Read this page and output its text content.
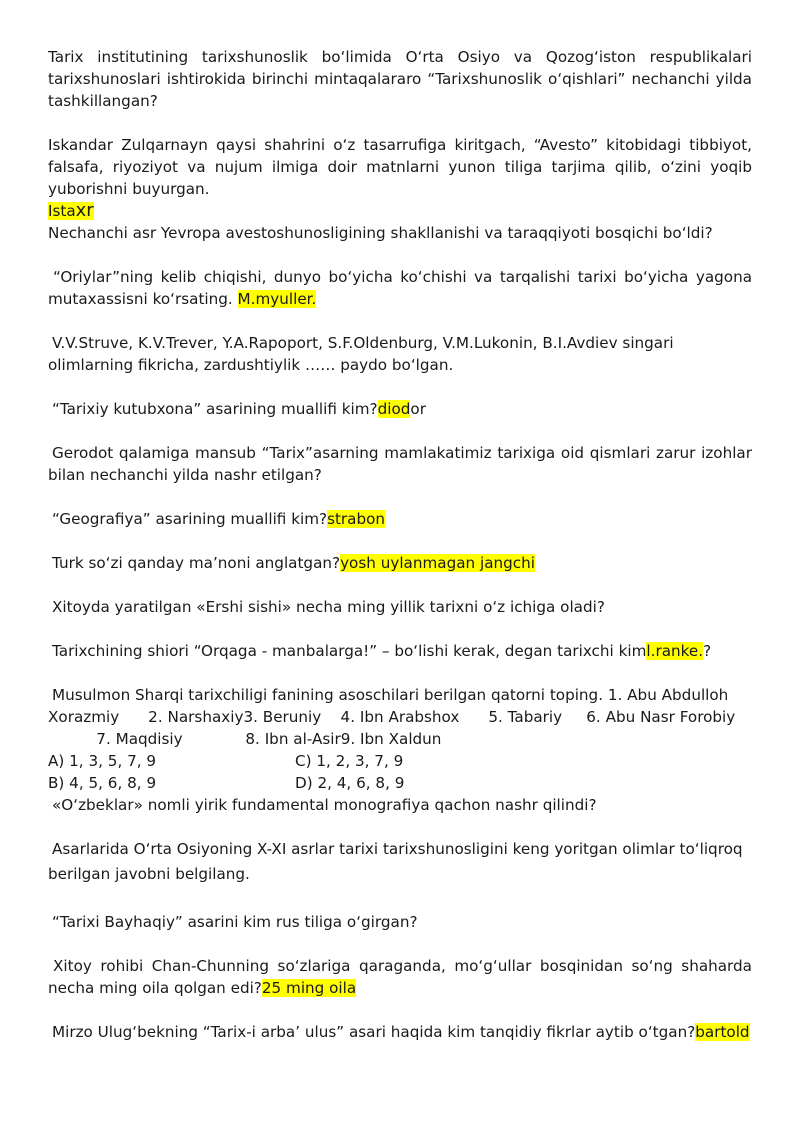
Tarix institutining tarixshunoslik bo‘limida O‘rta Osiyo va Qozog‘iston respublikalari tarixshunoslari ishtirokida birinchi mintaqalararo “Tarixshunoslik o‘qishlari” nechanchi yilda tashkillangan?

Iskandar Zulqarnayn qaysi shahrini o‘z tasarrufiga kiritgach, “Avesto” kitobidagi tibbiyot, falsafa, riyoziyot va nujum ilmiga doir matnlarni yunon tiliga tarjima qilib, o‘zini yoqib yuborishni buyurgan.

Istaxr

Nechanchi asr Yevropa avestoshunosligining shakllanishi va taraqqiyoti bosqichi bo‘ldi?

“Oriylar”ning kelib chiqishi, dunyo bo‘yicha ko‘chishi va tarqalishi tarixi bo‘yicha yagona mutaxassisni ko‘rsating. M.myuller.

V.V.Struve, K.V.Trever, Y.A.Rapoport, S.F.Oldenburg, V.M.Lukonin, B.I.Avdiev singari

olimlarning fikricha, zardushtiylik …… paydo bo‘lgan.

“Tarixiy kutubxona” asarining muallifi kim?diodor

Gerodot qalamiga mansub “Tarix”asarning mamlakatimiz tarixiga oid qismlari zarur izohlar bilan nechanchi yilda nashr etilgan?

“Geografiya” asarining muallifi kim?strabon

Turk so‘zi qanday ma’noni anglatgan?yosh uylanmagan jangchi

Xitoyda yaratilgan «Ershi sishi» necha ming yillik tarixni o‘z ichiga oladi?

Tarixchining shiori “Orqaga - manbalarga!” – bo‘lishi kerak, degan tarixchi kiml.ranke.?

Musulmon Sharqi tarixchiligi fanining asoschilari berilgan qatorni toping. 1. Abu Abdulloh

Xorazmiy      2. Narshaxiy3. Beruniy    4. Ibn Arabshox      5. Tabariy     6. Abu Nasr Forobiy

7. Maqdisiy             8. Ibn al-Asir9. Ibn Xaldun

A) 1, 3, 5, 7, 9	C) 1, 2, 3, 7, 9
B) 4, 5, 6, 8, 9	D) 2, 4, 6, 8, 9

«O‘zbeklar» nomli yirik fundamental monografiya qachon nashr qilindi?

Asarlarida O‘rta Osiyoning X-XI asrlar tarixi tarixshunosligini keng yoritgan olimlar to‘liqroq

berilgan javobni belgilang.

“Tarixi Bayhaqiy” asarini kim rus tiliga o‘girgan?

Xitoy rohibi Chan-Chunning so‘zlariga qaraganda, mo‘g‘ullar bosqinidan so‘ng shaharda necha ming oila qolgan edi?25 ming oila

Mirzo Ulug‘bekning “Tarix-i arba’ ulus” asari haqida kim tanqidiy fikrlar aytib o‘tgan?bartold
